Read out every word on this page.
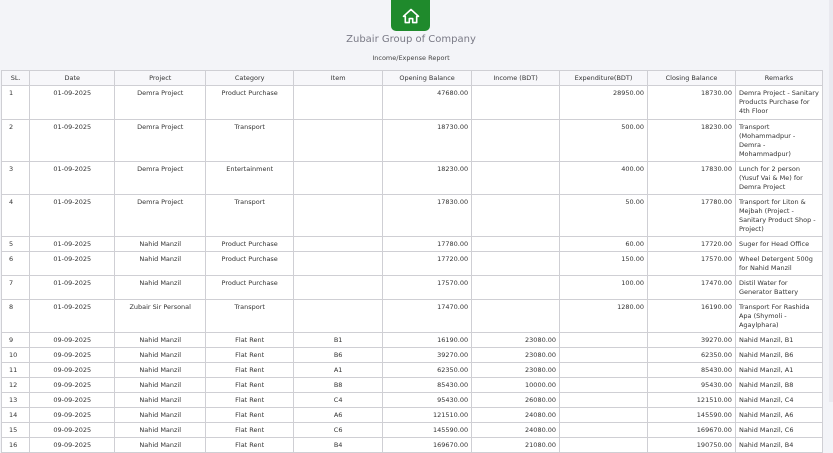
Zubair Group of Company
Income/Expense Report
SL.	Date	Project	Category	Item	Opening Balance	Income (BDT)	Expenditure(BDT)	Closing Balance	Remarks
1	01-09-2025	Demra Project	Product Purchase		47680.00		28950.00	18730.00	Demra Project - Sanitary Products Purchase for 4th Floor
2	01-09-2025	Demra Project	Transport		18730.00		500.00	18230.00	Transport (Mohammadpur - Demra - Mohammadpur)
3	01-09-2025	Demra Project	Entertainment		18230.00		400.00	17830.00	Lunch for 2 person (Yusuf Vai & Me) for Demra Project
4	01-09-2025	Demra Project	Transport		17830.00		50.00	17780.00	Transport for Liton & Mejbah (Project - Sanitary Product Shop - Project)
5	01-09-2025	Nahid Manzil	Product Purchase		17780.00		60.00	17720.00	Suger for Head Office
6	01-09-2025	Nahid Manzil	Product Purchase		17720.00		150.00	17570.00	Wheel Detergent 500g for Nahid Manzil
7	01-09-2025	Nahid Manzil	Product Purchase		17570.00		100.00	17470.00	Distil Water for Generator Battery
8	01-09-2025	Zubair Sir Personal	Transport		17470.00		1280.00	16190.00	Transport For Rashida Apa (Shymoli - Agaylphara)
9	09-09-2025	Nahid Manzil	Flat Rent	B1	16190.00	23080.00		39270.00	Nahid Manzil, B1
10	09-09-2025	Nahid Manzil	Flat Rent	B6	39270.00	23080.00		62350.00	Nahid Manzil, B6
11	09-09-2025	Nahid Manzil	Flat Rent	A1	62350.00	23080.00		85430.00	Nahid Manzil, A1
12	09-09-2025	Nahid Manzil	Flat Rent	B8	85430.00	10000.00		95430.00	Nahid Manzil, B8
13	09-09-2025	Nahid Manzil	Flat Rent	C4	95430.00	26080.00		121510.00	Nahid Manzil, C4
14	09-09-2025	Nahid Manzil	Flat Rent	A6	121510.00	24080.00		145590.00	Nahid Manzil, A6
15	09-09-2025	Nahid Manzil	Flat Rent	C6	145590.00	24080.00		169670.00	Nahid Manzil, C6
16	09-09-2025	Nahid Manzil	Flat Rent	B4	169670.00	21080.00		190750.00	Nahid Manzil, B4
